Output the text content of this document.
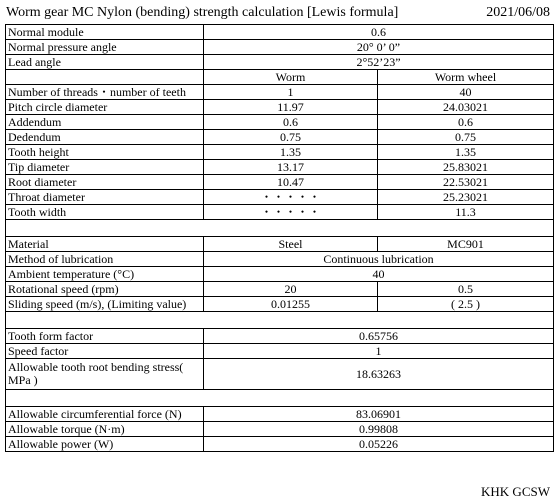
Worm gear MC Nylon (bending) strength calculation [Lewis formula]	2021/06/08
Normal module	0.6	
Normal pressure angle	20° 0’ 0”	
Lead angle	2°52’23”	
	Worm	Worm wheel
Number of threads・number of teeth	1	40
Pitch circle diameter	11.97	24.03021
Addendum	0.6	0.6
Dedendum	0.75	0.75
Tooth height	1.35	1.35
Tip diameter	13.17	25.83021
Root diameter	10.47	22.53021
Throat diameter	・・・・・	25.23021
Tooth width	・・・・・	11.3

Material	Steel	MC901
Method of lubrication	Continuous lubrication	
Ambient temperature (°C)	40	
Rotational speed (rpm)	20	0.5
Sliding speed (m/s), (Limiting value)	0.01255	( 2.5 )

Tooth form factor	0.65756	
Speed factor	1	
Allowable tooth root bending stress( MPa )	18.63263	

Allowable circumferential force (N)	83.06901	
Allowable torque (N·m)	0.99808	
Allowable power (W)	0.05226	
KHK GCSW
